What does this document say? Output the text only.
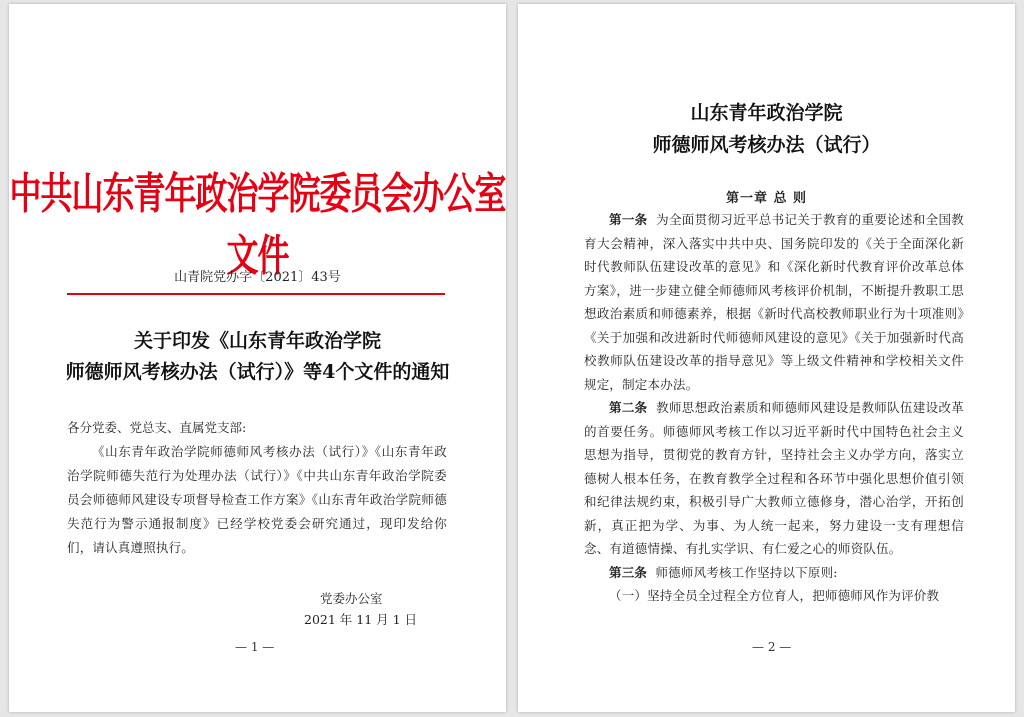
中共山东青年政治学院委员会办公室文件
山青院党办字〔2021〕43号
关于印发《山东青年政治学院
师德师风考核办法（试行）》等4个文件的通知
各分党委、党总支、直属党支部:
《山东青年政治学院师德师风考核办法（试行）》《山东青年政治学院师德失范行为处理办法（试行）》《中共山东青年政治学院委员会师德师风建设专项督导检查工作方案》《山东青年政治学院师德失范行为警示通报制度》已经学校党委会研究通过，现印发给你们，请认真遵照执行。
党委办公室
2021 年 11 月 1 日
— 1 —
山东青年政治学院
师德师风考核办法（试行）
第一章 总 则

第一条 为全面贯彻习近平总书记关于教育的重要论述和全国教育大会精神，深入落实中共中央、国务院印发的《关于全面深化新时代教师队伍建设改革的意见》和《深化新时代教育评价改革总体方案》，进一步建立健全师德师风考核评价机制，不断提升教职工思想政治素质和师德素养，根据《新时代高校教师职业行为十项准则》《关于加强和改进新时代师德师风建设的意见》《关于加强新时代高校教师队伍建设改革的指导意见》等上级文件精神和学校相关文件规定，制定本办法。

第二条 教师思想政治素质和师德师风建设是教师队伍建设改革的首要任务。师德师风考核工作以习近平新时代中国特色社会主义思想为指导，贯彻党的教育方针，坚持社会主义办学方向，落实立德树人根本任务，在教育教学全过程和各环节中强化思想价值引领和纪律法规约束，积极引导广大教师立德修身，潜心治学，开拓创新，真正把为学、为事、为人统一起来，努力建设一支有理想信念、有道德情操、有扎实学识、有仁爱之心的师资队伍。

第三条 师德师风考核工作坚持以下原则:

（一）坚持全员全过程全方位育人，把师德师风作为评价教

— 2 —
